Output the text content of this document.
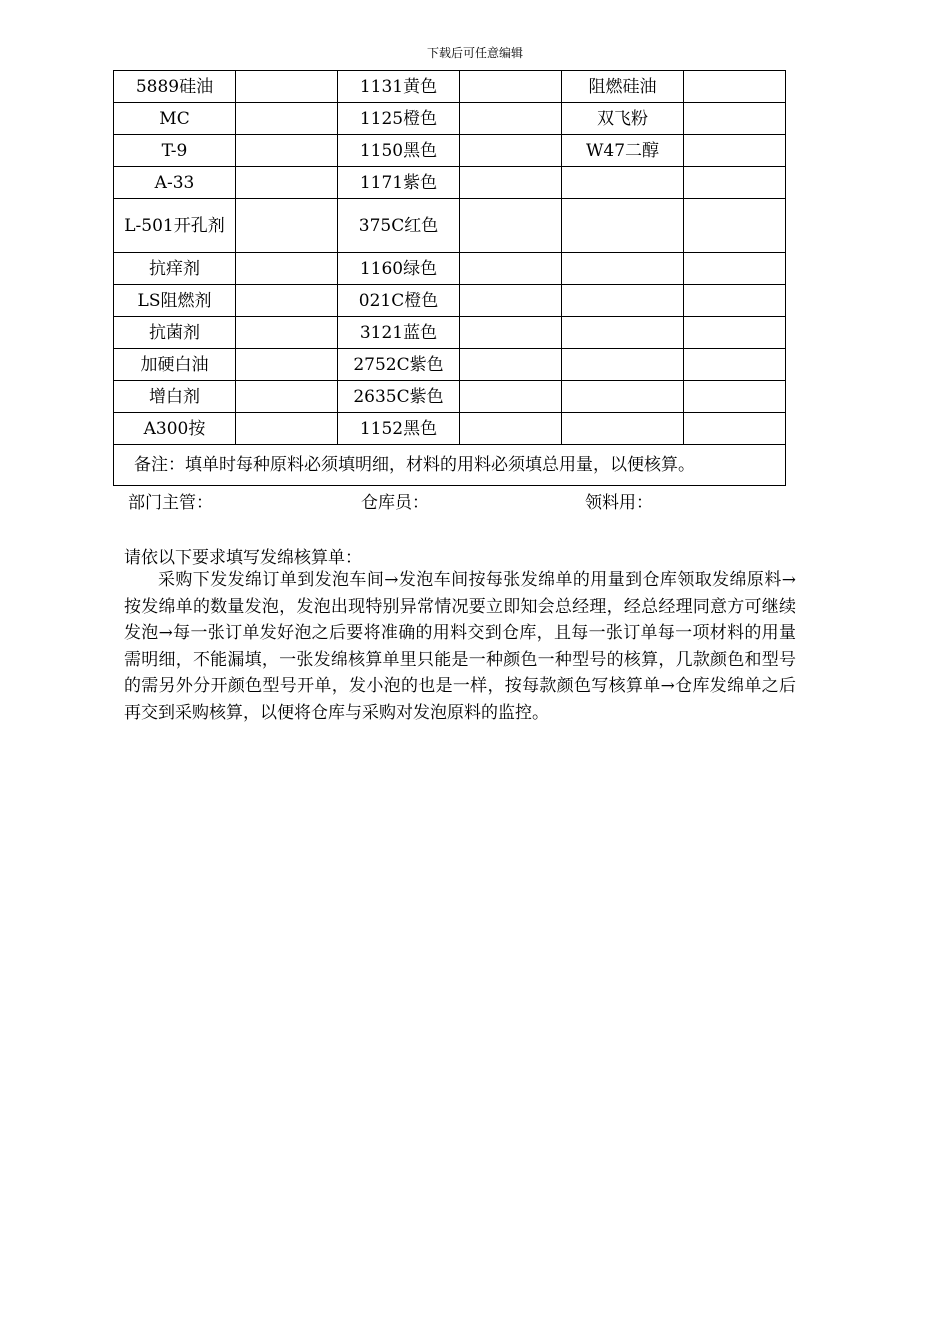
下载后可任意编辑
5889硅油		1131黄色		阻燃硅油	
MC		1125橙色		双飞粉	
T-9		1150黑色		W47二醇	
A-33		1171紫色			
L-501开孔剂		375C红色			
抗痒剂		1160绿色			
LS阻燃剂		021C橙色			
抗菌剂		3121蓝色			
加硬白油		2752C紫色			
增白剂		2635C紫色			
A300按		1152黑色			
备注：填单时每种原料必须填明细，材料的用料必须填总用量，以便核算。					
部门主管：	仓库员：	领料用：
请依以下要求填写发绵核算单：
采购下发发绵订单到发泡车间→发泡车间按每张发绵单的用量到仓库领取发绵原料→按发绵单的数量发泡，发泡出现特别异常情况要立即知会总经理，经总经理同意方可继续发泡→每一张订单发好泡之后要将准确的用料交到仓库，且每一张订单每一项材料的用量需明细，不能漏填，一张发绵核算单里只能是一种颜色一种型号的核算，几款颜色和型号的需另外分开颜色型号开单，发小泡的也是一样，按每款颜色写核算单→仓库发绵单之后再交到采购核算，以便将仓库与采购对发泡原料的监控。
